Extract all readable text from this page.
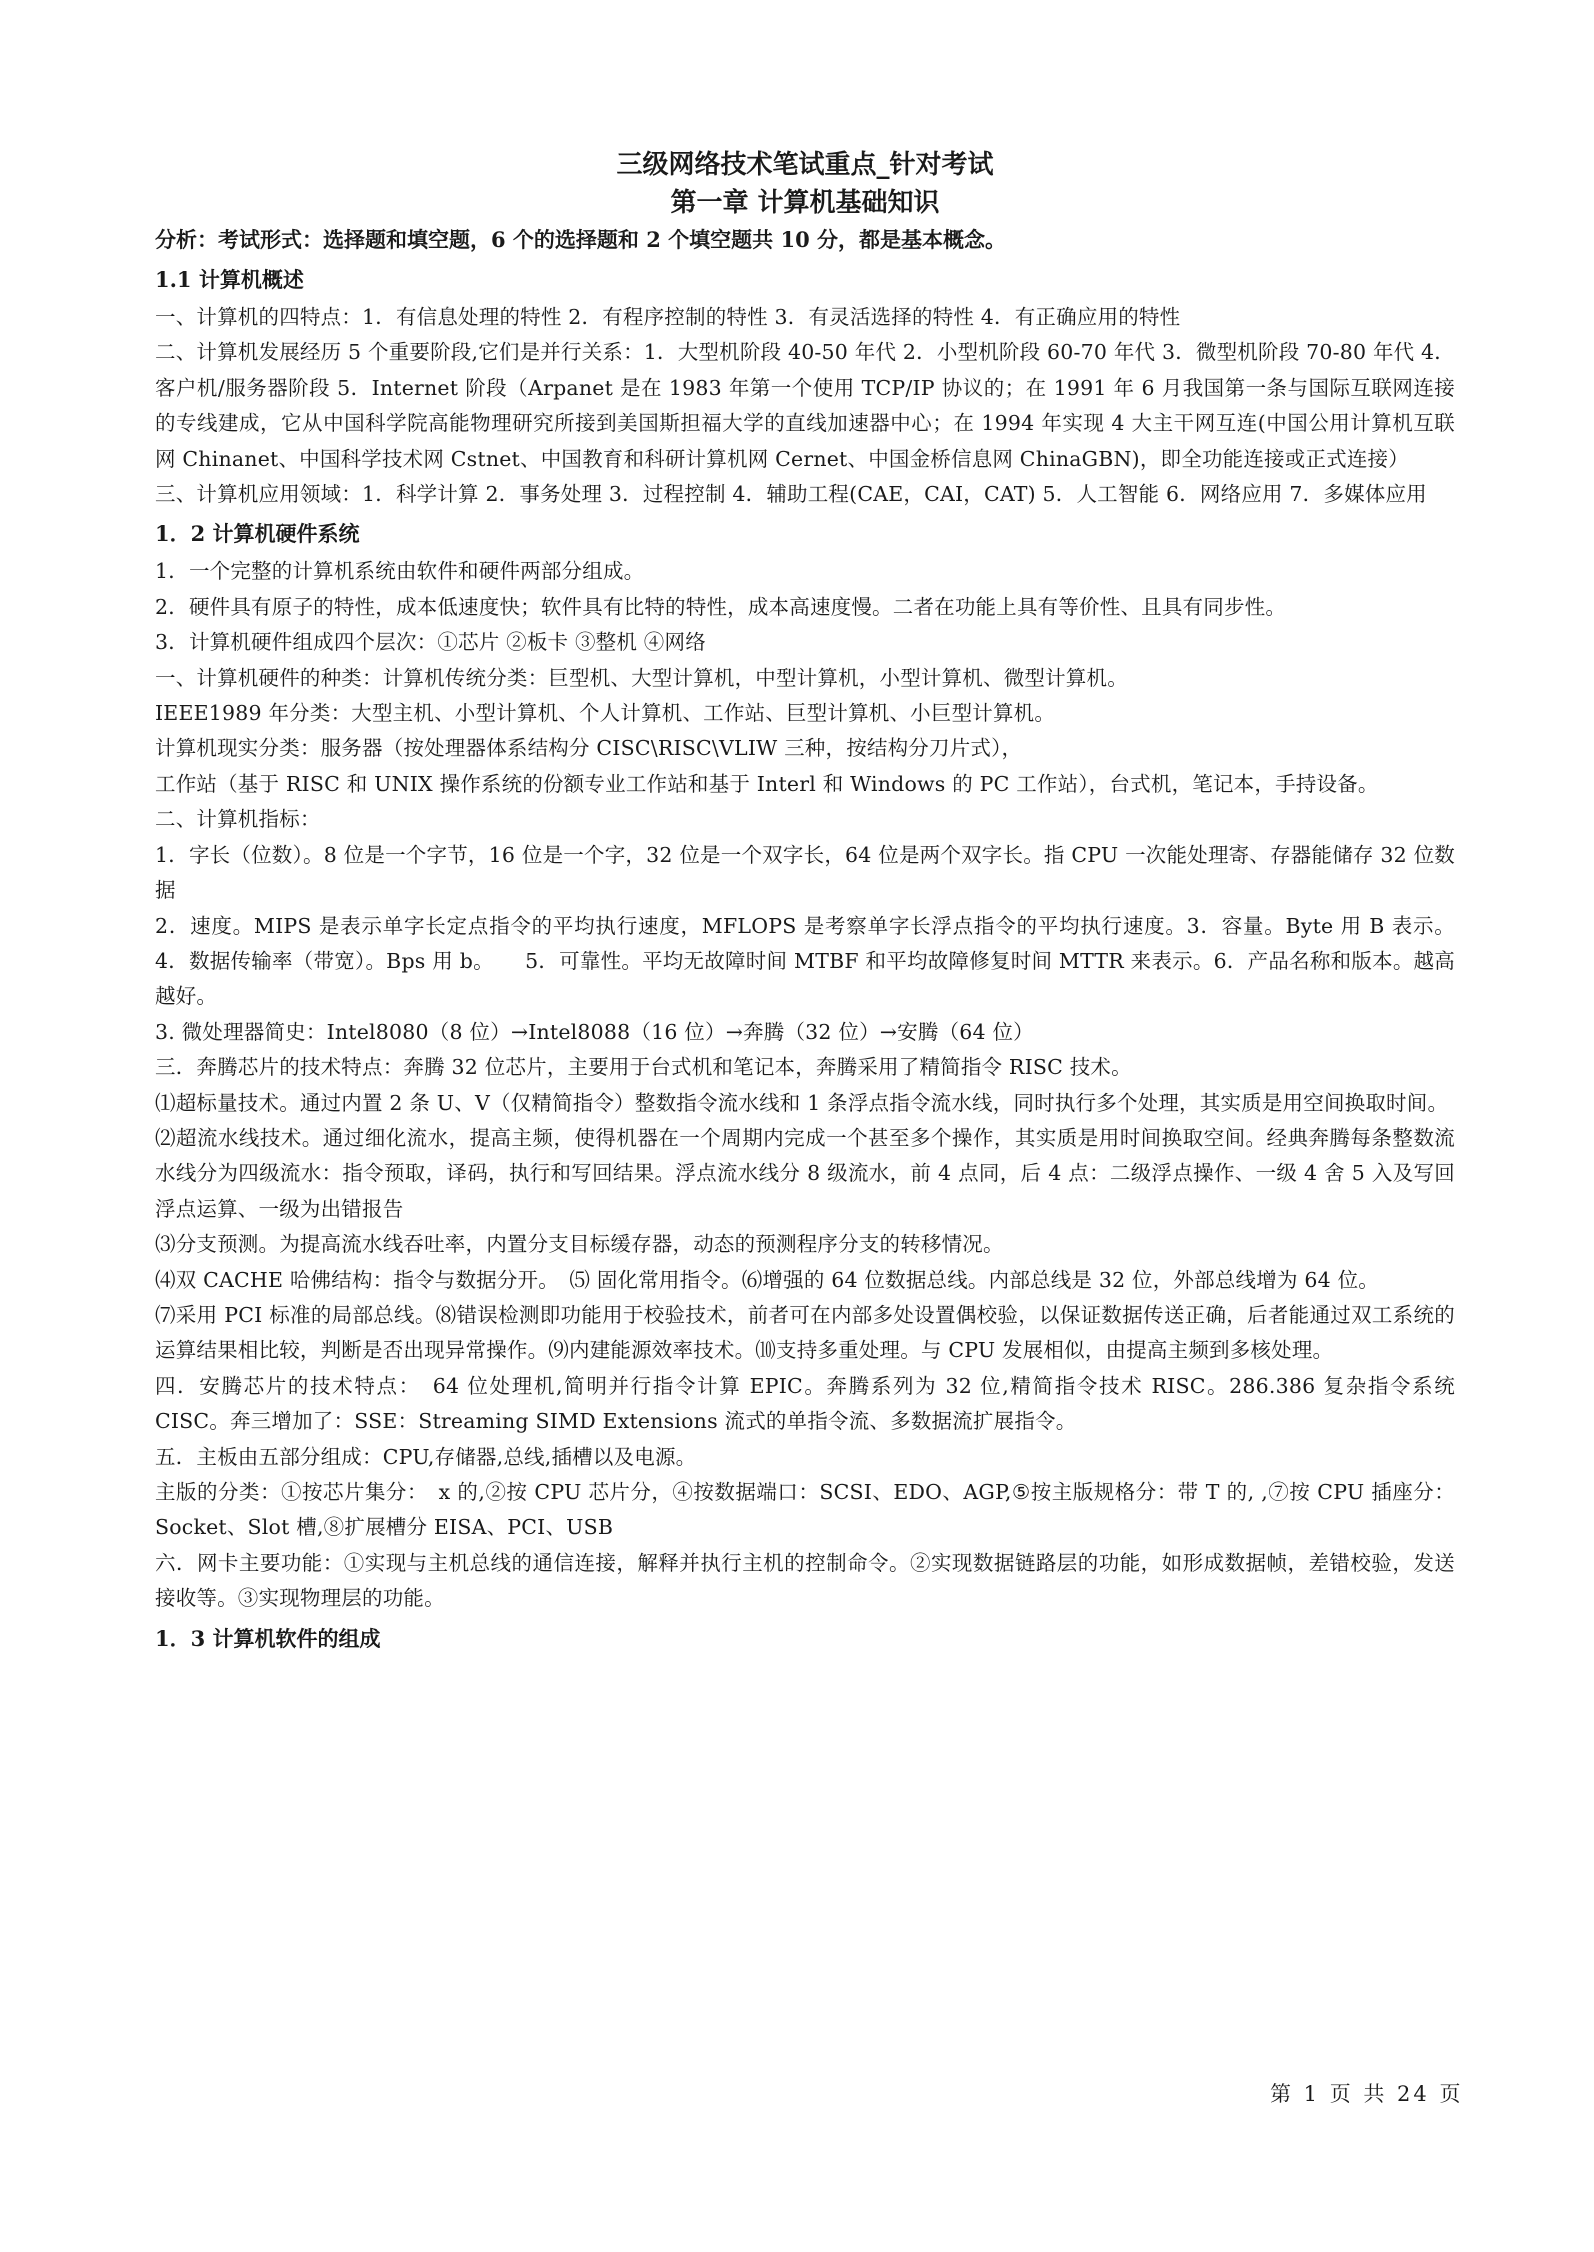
三级网络技术笔试重点_针对考试

第一章 计算机基础知识

分析：考试形式：选择题和填空题，6 个的选择题和 2 个填空题共 10 分，都是基本概念。

1.1 计算机概述

一、计算机的四特点：1．有信息处理的特性 2．有程序控制的特性 3．有灵活选择的特性 4．有正确应用的特性

二、计算机发展经历 5 个重要阶段,它们是并行关系：1．大型机阶段 40-50 年代 2．小型机阶段 60-70 年代 3．微型机阶段 70-80 年代 4．客户机/服务器阶段 5．Internet 阶段（Arpanet 是在 1983 年第一个使用 TCP/IP 协议的；在 1991 年 6 月我国第一条与国际互联网连接的专线建成，它从中国科学院高能物理研究所接到美国斯担福大学的直线加速器中心；在 1994 年实现 4 大主干网互连(中国公用计算机互联网 Chinanet、中国科学技术网 Cstnet、中国教育和科研计算机网 Cernet、中国金桥信息网 ChinaGBN)，即全功能连接或正式连接）

三、计算机应用领域：1．科学计算 2．事务处理 3．过程控制 4．辅助工程(CAE，CAI，CAT) 5．人工智能 6．网络应用 7．多媒体应用

1．2 计算机硬件系统

1．一个完整的计算机系统由软件和硬件两部分组成。

2．硬件具有原子的特性，成本低速度快；软件具有比特的特性，成本高速度慢。二者在功能上具有等价性、且具有同步性。

3．计算机硬件组成四个层次：①芯片 ②板卡 ③整机 ④网络

一、计算机硬件的种类：计算机传统分类：巨型机、大型计算机，中型计算机，小型计算机、微型计算机。

IEEE1989 年分类：大型主机、小型计算机、个人计算机、工作站、巨型计算机、小巨型计算机。

计算机现实分类：服务器（按处理器体系结构分 CISC\RISC\VLIW 三种，按结构分刀片式），

工作站（基于 RISC 和 UNIX 操作系统的份额专业工作站和基于 Interl 和 Windows 的 PC 工作站），台式机，笔记本，手持设备。

二、计算机指标：

1．字长（位数）。8 位是一个字节，16 位是一个字，32 位是一个双字长，64 位是两个双字长。指 CPU 一次能处理寄、存器能储存 32 位数据

2．速度。MIPS 是表示单字长定点指令的平均执行速度，MFLOPS 是考察单字长浮点指令的平均执行速度。3．容量。Byte 用 B 表示。4．数据传输率（带宽）。Bps 用 b。　　5．可靠性。平均无故障时间 MTBF 和平均故障修复时间 MTTR 来表示。6．产品名称和版本。越高越好。

3. 微处理器简史：Intel8080（8 位）→Intel8088（16 位）→奔腾（32 位）→安腾（64 位）

三．奔腾芯片的技术特点：奔腾 32 位芯片，主要用于台式机和笔记本，奔腾采用了精简指令 RISC 技术。

⑴超标量技术。通过内置 2 条 U、V（仅精简指令）整数指令流水线和 1 条浮点指令流水线，同时执行多个处理，其实质是用空间换取时间。

⑵超流水线技术。通过细化流水，提高主频，使得机器在一个周期内完成一个甚至多个操作，其实质是用时间换取空间。经典奔腾每条整数流水线分为四级流水：指令预取，译码，执行和写回结果。浮点流水线分 8 级流水，前 4 点同，后 4 点：二级浮点操作、一级 4 舍 5 入及写回浮点运算、一级为出错报告

⑶分支预测。为提高流水线吞吐率，内置分支目标缓存器，动态的预测程序分支的转移情况。

⑷双 CACHE 哈佛结构：指令与数据分开。　⑸ 固化常用指令。⑹增强的 64 位数据总线。内部总线是 32 位，外部总线增为 64 位。

⑺采用 PCI 标准的局部总线。⑻错误检测即功能用于校验技术，前者可在内部多处设置偶校验，以保证数据传送正确，后者能通过双工系统的运算结果相比较，判断是否出现异常操作。⑼内建能源效率技术。⑽支持多重处理。与 CPU 发展相似，由提高主频到多核处理。

四．安腾芯片的技术特点：　64 位处理机,简明并行指令计算 EPIC。奔腾系列为 32 位,精简指令技术 RISC。286.386 复杂指令系统 CISC。奔三增加了：SSE：Streaming SIMD Extensions 流式的单指令流、多数据流扩展指令。

五．主板由五部分组成：CPU,存储器,总线,插槽以及电源。

主版的分类：①按芯片集分：　x 的,②按 CPU 芯片分，④按数据端口：SCSI、EDO、AGP,⑤按主版规格分：带 T 的, ,⑦按 CPU 插座分：Socket、Slot 槽,⑧扩展槽分 EISA、PCI、USB

六．网卡主要功能：①实现与主机总线的通信连接，解释并执行主机的控制命令。②实现数据链路层的功能，如形成数据帧，差错校验，发送接收等。③实现物理层的功能。

1．3 计算机软件的组成

第 1 页 共 24 页
